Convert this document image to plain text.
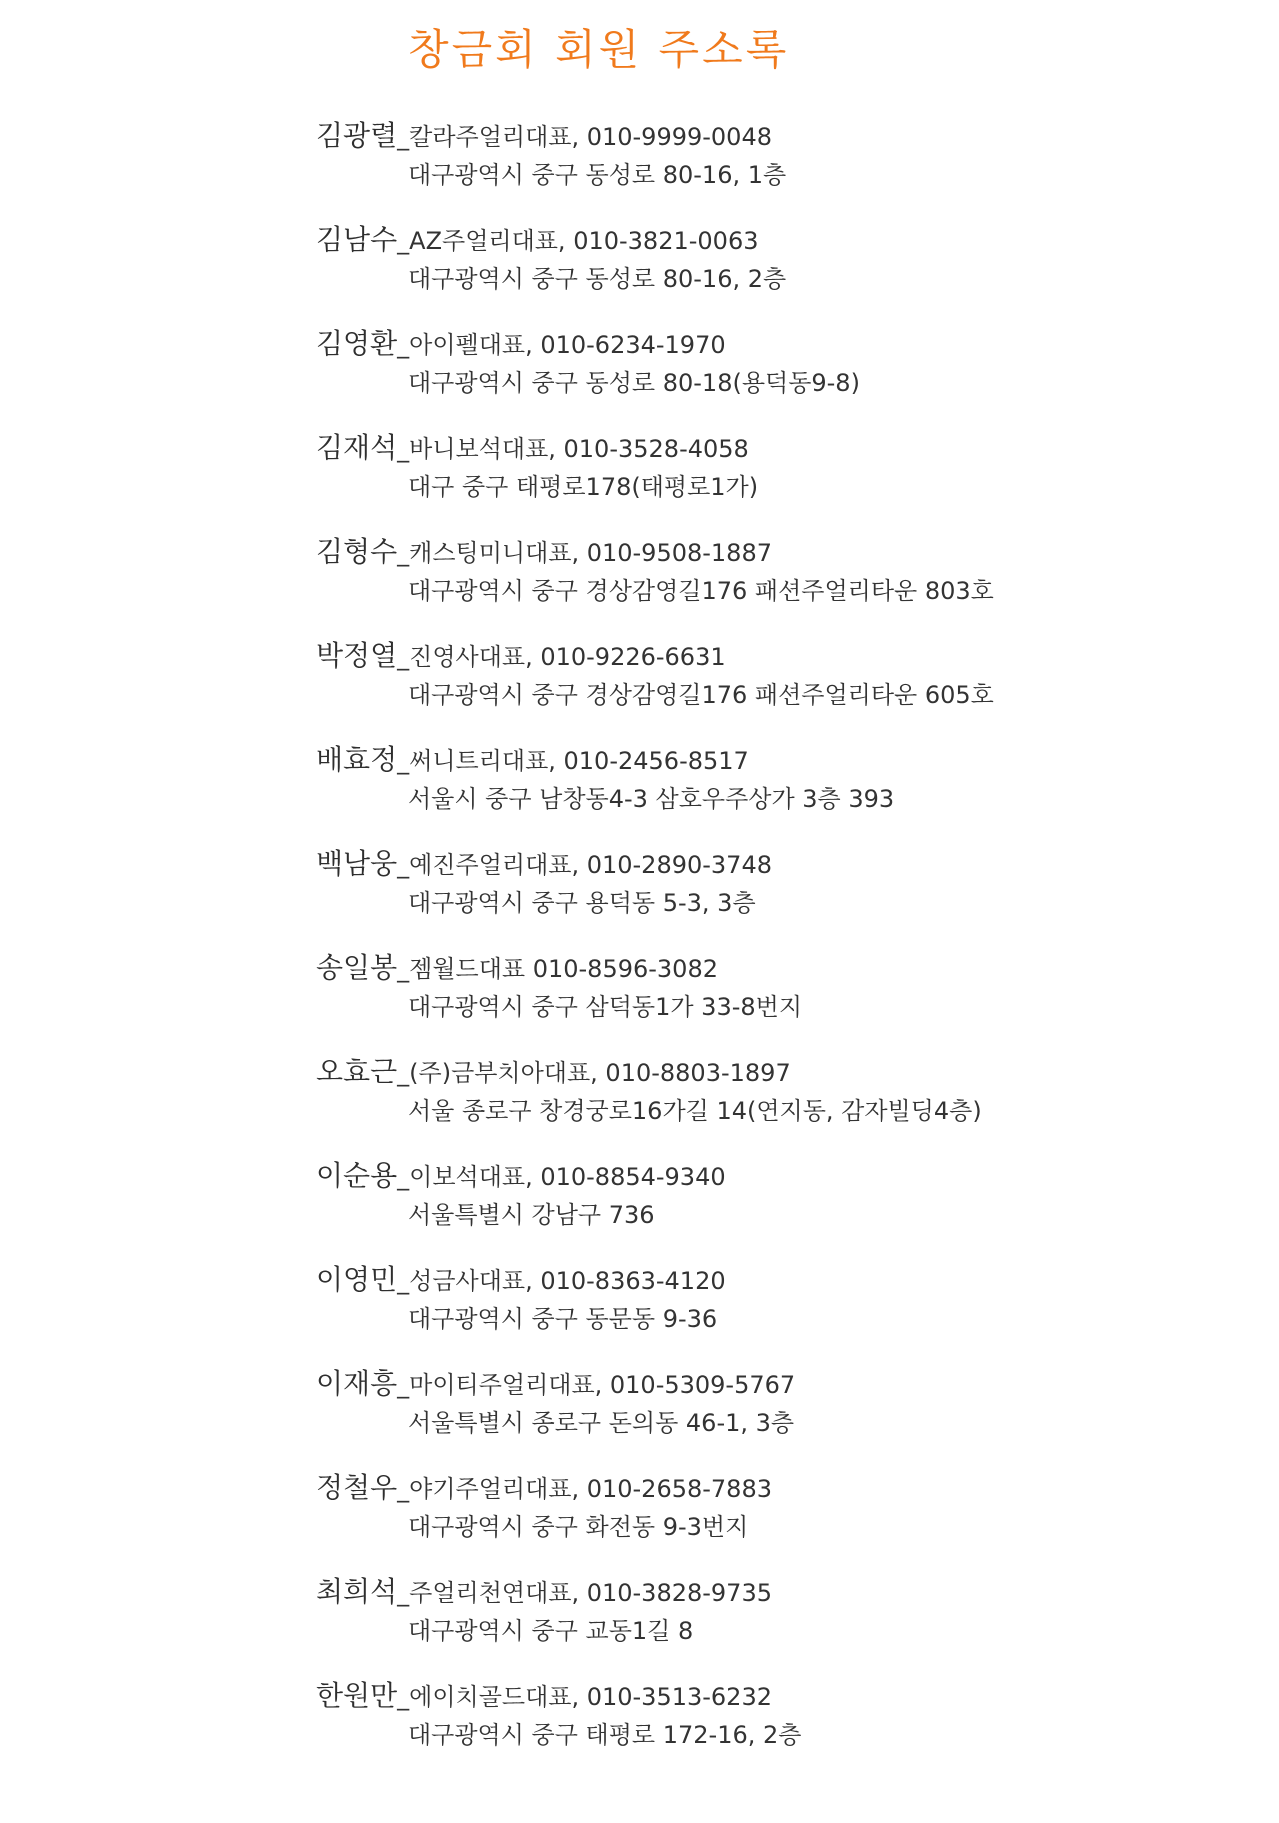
창금회 회원 주소록
김광렬_칼라주얼리대표, 010-9999-0048
대구광역시 중구 동성로 80-16, 1층
김남수_AZ주얼리대표, 010-3821-0063
대구광역시 중구 동성로 80-16, 2층
김영환_아이펠대표, 010-6234-1970
대구광역시 중구 동성로 80-18(용덕동9-8)
김재석_바니보석대표, 010-3528-4058
대구 중구 태평로178(태평로1가)
김형수_캐스팅미니대표, 010-9508-1887
대구광역시 중구 경상감영길176 패션주얼리타운 803호
박정열_진영사대표, 010-9226-6631
대구광역시 중구 경상감영길176 패션주얼리타운 605호
배효정_써니트리대표, 010-2456-8517
서울시 중구 남창동4-3 삼호우주상가 3층 393
백남웅_예진주얼리대표, 010-2890-3748
대구광역시 중구 용덕동 5-3, 3층
송일봉_젬월드대표 010-8596-3082
대구광역시 중구 삼덕동1가 33-8번지
오효근_(주)금부치아대표, 010-8803-1897
서울 종로구 창경궁로16가길 14(연지동, 감자빌딩4층)
이순용_이보석대표, 010-8854-9340
서울특별시 강남구 736
이영민_성금사대표, 010-8363-4120
대구광역시 중구 동문동 9-36
이재흥_마이티주얼리대표, 010-5309-5767
서울특별시 종로구 돈의동 46-1, 3층
정철우_야기주얼리대표, 010-2658-7883
대구광역시 중구 화전동 9-3번지
최희석_주얼리천연대표, 010-3828-9735
대구광역시 중구 교동1길 8
한원만_에이치골드대표, 010-3513-6232
대구광역시 중구 태평로 172-16, 2층
